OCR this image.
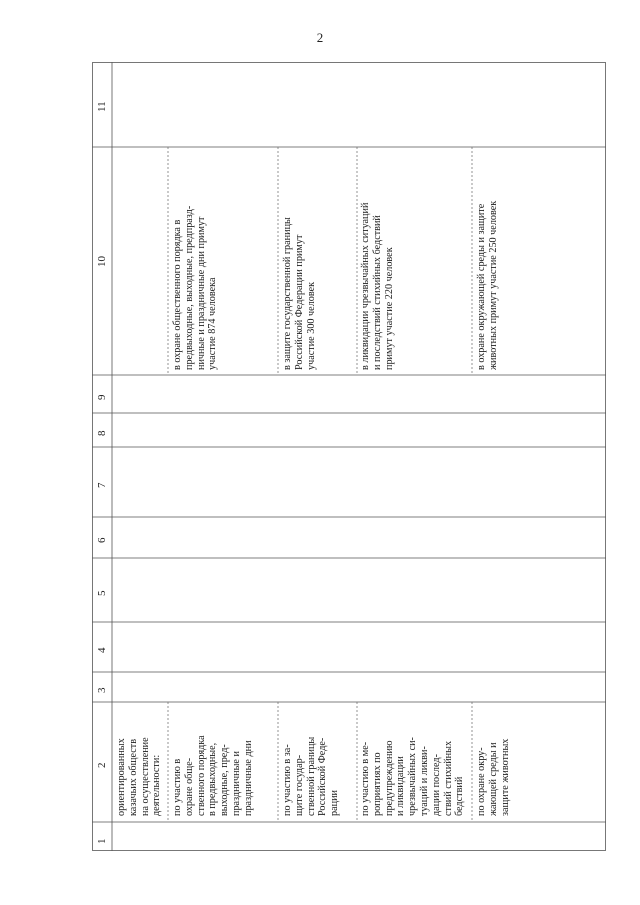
2
1
2
3
4
5
6
7
8
9
10
11
ориентированных казачьих обществ на осуществление деятельности: по участию в охране обще- ственного порядка в предвыходные, выходные, пред- праздничные и праздничные дни
в охране общественного порядка в предвыходные, выходные, предпразд- ничные и праздничные дни примут участие 874 человека
по участию в за- щите государ- ственной границы Российской Феде- рации
в защите государственной границы Российской Федерации примут участие 300 человек
по участию в ме- роприятиях по предупреждению и ликвидации чрезвычайных си- туаций и ликви- дации послед- ствий стихийных бедствий
в ликвидации чрезвычайных ситуаций и последствий стихийных бедствий примут участие 220 человек
по охране окру- жающей среды и защите животных
в охране окружающей среды и защите животных примут участие 250 человек
